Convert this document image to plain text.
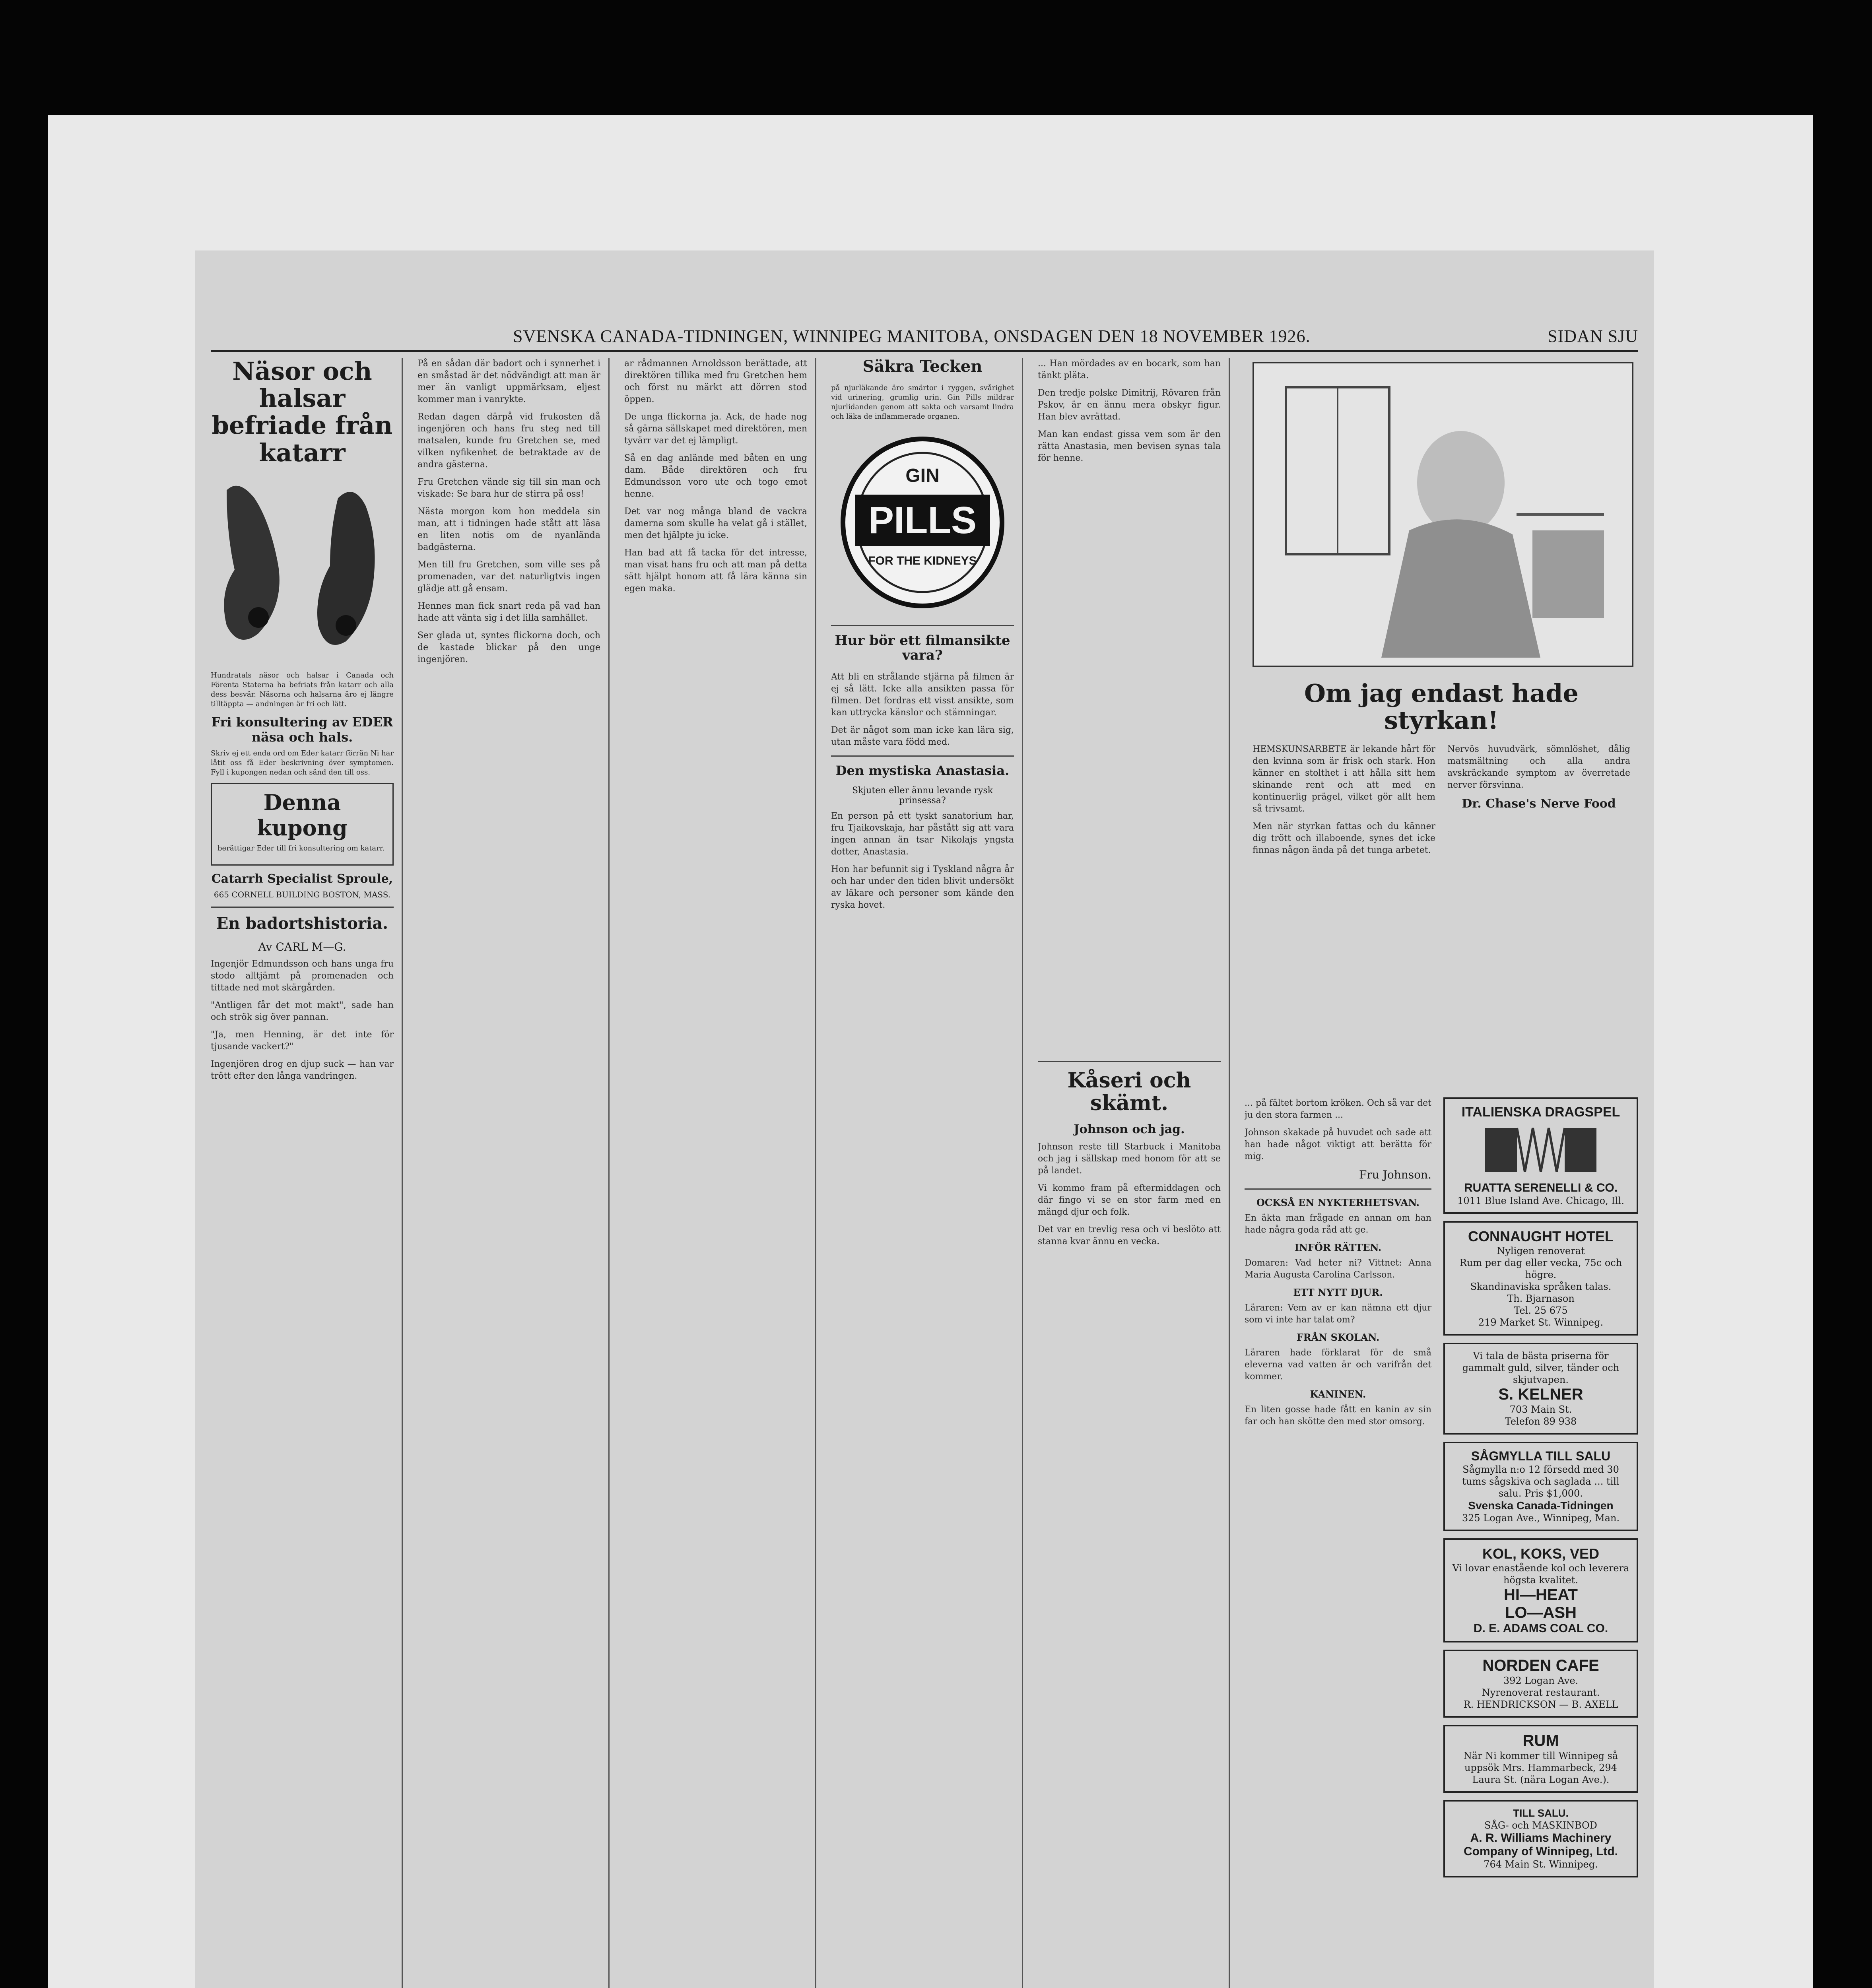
SVENSKA CANADA-TIDNINGEN, WINNIPEG MANITOBA, ONSDAGEN DEN 18 NOVEMBER 1926.	SIDAN SJU
Näsor och halsar befriade från katarr

Hundratals näsor och halsar i Canada och Förenta Staterna ha befriats från katarr och alla dess besvär. Näsorna och halsarna äro ej längre tilltäppta — andningen är fri och lätt.

Fri konsultering av EDER näsa och hals.

Skriv ej ett enda ord om Eder katarr förrän Ni har låtit oss få Eder beskrivning över symptomen. Fyll i kupongen nedan och sänd den till oss.

Denna kupong

berättigar Eder till fri konsultering om katarr.

Catarrh Specialist Sproule,
665 CORNELL BUILDING BOSTON, MASS.
En badortshistoria.
Av CARL M—G.

Ingenjör Edmundsson och hans unga fru stodo alltjämt på promenaden och tittade ned mot skärgården.

"Antligen får det mot makt", sade han och strök sig över pannan.

"Ja, men Henning, är det inte för tjusande vackert?"

Ingenjören drog en djup suck — han var trött efter den långa vandringen.

På en sådan där badort och i synnerhet i en småstad är det nödvändigt att man är mer än vanligt uppmärksam, eljest kommer man i vanrykte.

Redan dagen därpå vid frukosten då ingenjören och hans fru steg ned till matsalen, kunde fru Gretchen se, med vilken nyfikenhet de betraktade av de andra gästerna.

Fru Gretchen vände sig till sin man och viskade: Se bara hur de stirra på oss!

Nästa morgon kom hon meddela sin man, att i tidningen hade stått att läsa en liten notis om de nyanlända badgästerna.

Men till fru Gretchen, som ville ses på promenaden, var det naturligtvis ingen glädje att gå ensam.

Hennes man fick snart reda på vad han hade att vänta sig i det lilla samhället.

Ser glada ut, syntes flickorna doch, och de kastade blickar på den unge ingenjören.

ar rådmannen Arnoldsson berättade, att direktören tillika med fru Gretchen hem och först nu märkt att dörren stod öppen.

De unga flickorna ja. Ack, de hade nog så gärna sällskapet med direktören, men tyvärr var det ej lämpligt.

Så en dag anlände med båten en ung dam. Både direktören och fru Edmundsson voro ute och togo emot henne.

Det var nog många bland de vackra damerna som skulle ha velat gå i stället, men det hjälpte ju icke.

Han bad att få tacka för det intresse, man visat hans fru och att man på detta sätt hjälpt honom att få lära känna sin egen maka.

Säkra Tecken

på njurläkande äro smärtor i ryggen, svårighet vid urinering, grumlig urin. Gin Pills mildrar njurlidanden genom att sakta och varsamt lindra och läka de inflammerade organen.

GIN
PILLS
FOR THE KIDNEYS
Hur bör ett filmansikte vara?

Att bli en strålande stjärna på filmen är ej så lätt. Icke alla ansikten passa för filmen. Det fordras ett visst ansikte, som kan uttrycka känslor och stämningar.

Det är något som man icke kan lära sig, utan måste vara född med.

Den mystiska Anastasia.
Skjuten eller ännu levande rysk prinsessa?

En person på ett tyskt sanatorium har, fru Tjaikovskaja, har påstått sig att vara ingen annan än tsar Nikolajs yngsta dotter, Anastasia.

Hon har befunnit sig i Tyskland några år och har under den tiden blivit undersökt av läkare och personer som kände den ryska hovet.

... Han mördades av en bocark, som han tänkt pläta.

Den tredje polske Dimitrij, Rövaren från Pskov, är en ännu mera obskyr figur. Han blev avrättad.

Man kan endast gissa vem som är den rätta Anastasia, men bevisen synas tala för henne.

Kåseri och skämt.
Johnson och jag.

Johnson reste till Starbuck i Manitoba och jag i sällskap med honom för att se på landet.

Vi kommo fram på eftermiddagen och där fingo vi se en stor farm med en mängd djur och folk.

Det var en trevlig resa och vi beslöto att stanna kvar ännu en vecka.

... på fältet bortom kröken. Och så var det ju den stora farmen ...

Johnson skakade på huvudet och sade att han hade något viktigt att berätta för mig.

Fru Johnson.
OCKSÅ EN NYKTERHETSVAN.

En äkta man frågade en annan om han hade några goda råd att ge.

INFÖR RÄTTEN.

Domaren: Vad heter ni? Vittnet: Anna Maria Augusta Carolina Carlsson.

ETT NYTT DJUR.

Läraren: Vem av er kan nämna ett djur som vi inte har talat om?

FRÅN SKOLAN.

Läraren hade förklarat för de små eleverna vad vatten är och varifrån det kommer.

KANINEN.

En liten gosse hade fått en kanin av sin far och han skötte den med stor omsorg.

Om jag endast hade styrkan!

HEMSKUNSARBETE är lekande hårt för den kvinna som är frisk och stark. Hon känner en stolthet i att hålla sitt hem skinande rent och att med en kontinuerlig prägel, vilket gör allt hem så trivsamt.

Men när styrkan fattas och du känner dig trött och illaboende, synes det icke finnas någon ända på det tunga arbetet.

Nervös huvudvärk, sömnlöshet, dålig matsmältning och alla andra avskräckande symptom av överretade nerver försvinna.

Dr. Chase's Nerve Food
ITALIENSKA DRAGSPEL
RUATTA SERENELLI & CO.
1011 Blue Island Ave. Chicago, Ill.
CONNAUGHT HOTEL
Nyligen renoverat
Rum per dag eller vecka, 75c och högre.
Skandinaviska språken talas.
Th. Bjarnason
Tel. 25 675
219 Market St. Winnipeg.
Vi tala de bästa priserna för gammalt guld, silver, tänder och skjutvapen.
S. KELNER
703 Main St.
Telefon 89 938
SÅGMYLLA TILL SALU
Sågmylla n:o 12 försedd med 30 tums sågskiva och saglada ... till salu. Pris $1,000.
Svenska Canada-Tidningen
325 Logan Ave., Winnipeg, Man.
KOL, KOKS, VED
Vi lovar enastående kol och leverera högsta kvalitet.
HI—HEAT
LO—ASH
D. E. ADAMS COAL CO.
NORDEN CAFE
392 Logan Ave.
Nyrenoverat restaurant.
R. HENDRICKSON — B. AXELL
RUM
När Ni kommer till Winnipeg så uppsök Mrs. Hammarbeck, 294 Laura St. (nära Logan Ave.).
TILL SALU.
SÅG- och MASKINBOD
A. R. Williams Machinery Company of Winnipeg, Ltd.
764 Main St. Winnipeg.
